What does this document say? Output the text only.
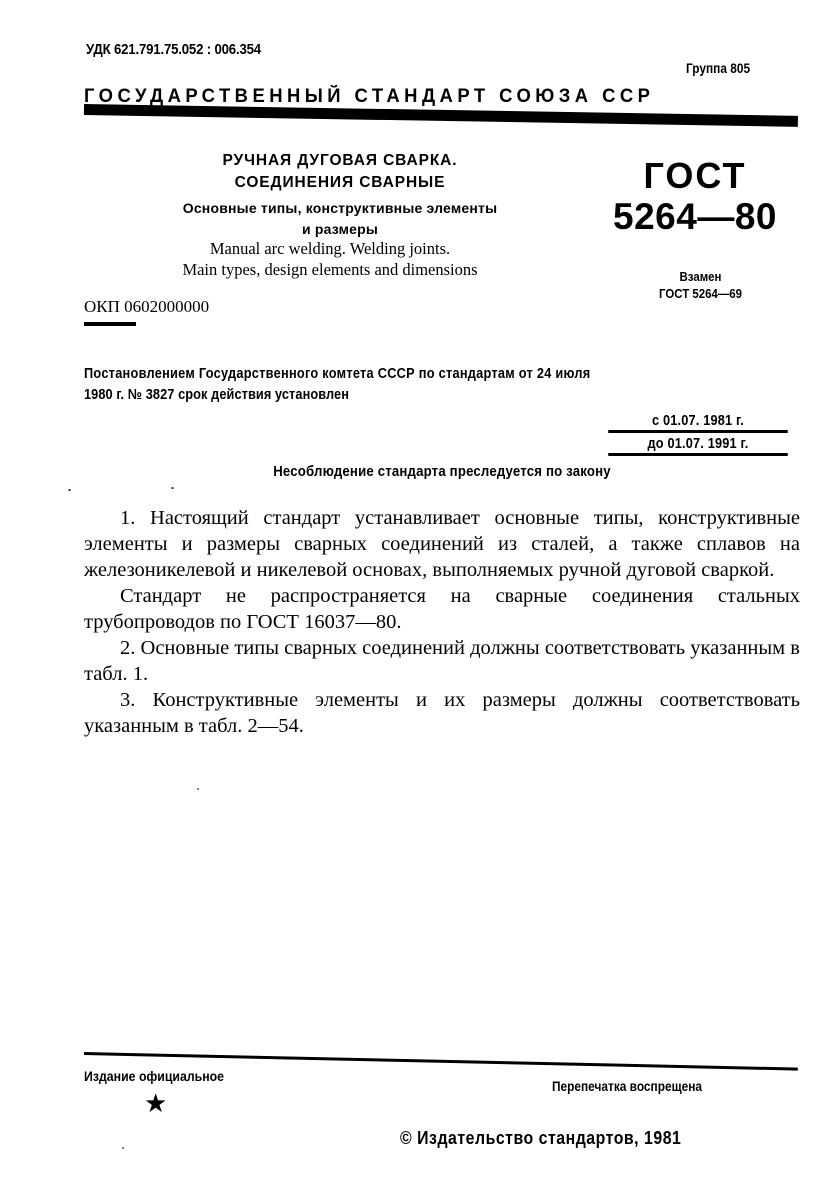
УДК 621.791.75.052 : 006.354
Группа 805
ГОСУДАРСТВЕННЫЙ СТАНДАРТ СОЮЗА ССР
РУЧНАЯ ДУГОВАЯ СВАРКА.
СОЕДИНЕНИЯ СВАРНЫЕ
Основные типы, конструктивные элементы
и размеры
Manual arc welding. Welding joints.
Main types, design elements and dimensions
ОКП 0602000000
ГОСТ
5264—80
Взамен
ГОСТ 5264—69
Постановлением Государственного комтета СССР по стандартам от 24 июля
1980 г. № 3827 срок действия установлен
с 01.07. 1981 г.
до 01.07. 1991 г.
Несоблюдение стандарта преследуется по закону

1. Настоящий стандарт устанавливает основные типы, конструктивные элементы и размеры сварных соединений из сталей, а также сплавов на железоникелевой и никелевой основах, выполняемых ручной дуговой сваркой.

Стандарт не распространяется на сварные соединения стальных трубопроводов по ГОСТ 16037—80.

2. Основные типы сварных соединений должны соответствовать указанным в табл. 1.

3. Конструктивные элементы и их размеры должны соответствовать указанным в табл. 2—54.

Издание официальное
★
Перепечатка воспрещена
© Издательство стандартов, 1981
